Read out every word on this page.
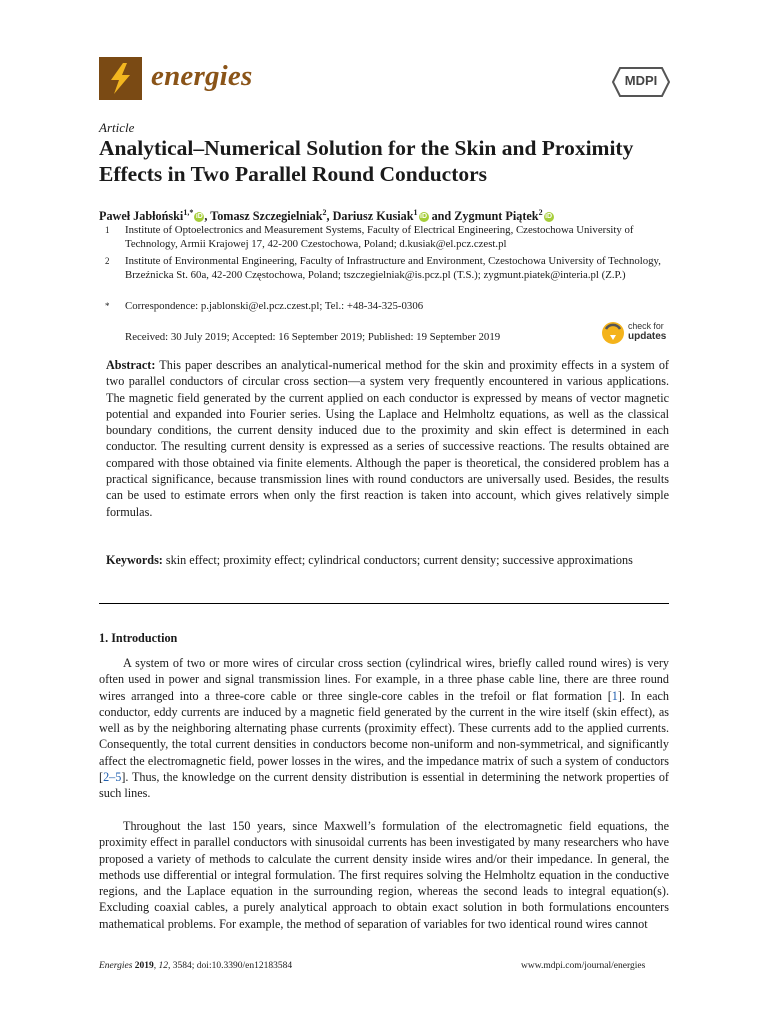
energies	MDPI
Article
Analytical–Numerical Solution for the Skin and Proximity Effects in Two Parallel Round Conductors
Paweł Jabłoński$^{1,*}$ iD , Tomasz Szczegielniak$^2$, Dariusz Kusiak$^1$ iD and Zygmunt Piątek$^2$ iD
1 Institute of Optoelectronics and Measurement Systems, Faculty of Electrical Engineering, Czestochowa University of Technology, Armii Krajowej 17, 42-200 Czestochowa, Poland; d.kusiak@el.pcz.czest.pl
2 Institute of Environmental Engineering, Faculty of Infrastructure and Environment, Czestochowa University of Technology, Brzeźnicka St. 60a, 42-200 Częstochowa, Poland; tszczegielniak@is.pcz.pl (T.S.); zygmunt.piatek@interia.pl (Z.P.)
* Correspondence: p.jablonski@el.pcz.czest.pl; Tel.: +48-34-325-0306
Received: 30 July 2019; Accepted: 16 September 2019; Published: 19 September 2019
check for
updates
Abstract: This paper describes an analytical-numerical method for the skin and proximity effects in a system of two parallel conductors of circular cross section—a system very frequently encountered in various applications. The magnetic field generated by the current applied on each conductor is expressed by means of vector magnetic potential and expanded into Fourier series. Using the Laplace and Helmholtz equations, as well as the classical boundary conditions, the current density induced due to the proximity and skin effect is determined in each conductor. The resulting current density is expressed as a series of successive reactions. The results obtained are compared with those obtained via finite elements. Although the paper is theoretical, the considered problem has a practical significance, because transmission lines with round conductors are universally used. Besides, the results can be used to estimate errors when only the first reaction is taken into account, which gives relatively simple formulas.
Keywords: skin effect; proximity effect; cylindrical conductors; current density; successive approximations
1. Introduction
A system of two or more wires of circular cross section (cylindrical wires, briefly called round wires) is very often used in power and signal transmission lines. For example, in a three phase cable line, there are three round wires arranged into a three-core cable or three single-core cables in the trefoil or flat formation [1]. In each conductor, eddy currents are induced by a magnetic field generated by the current in the wire itself (skin effect), as well as by the neighboring alternating phase currents (proximity effect). These currents add to the applied currents. Consequently, the total current densities in conductors become non-uniform and non-symmetrical, and significantly affect the electromagnetic field, power losses in the wires, and the impedance matrix of such a system of conductors [2–5]. Thus, the knowledge on the current density distribution is essential in determining the network properties of such lines.
Throughout the last 150 years, since Maxwell’s formulation of the electromagnetic field equations, the proximity effect in parallel conductors with sinusoidal currents has been investigated by many researchers who have proposed a variety of methods to calculate the current density inside wires and/or their impedance. In general, the methods use differential or integral formulation. The first requires solving the Helmholtz equation in the conductive regions, and the Laplace equation in the surrounding region, whereas the second leads to integral equation(s). Excluding coaxial cables, a purely analytical approach to obtain exact solution in both formulations encounters mathematical problems. For example, the method of separation of variables for two identical round wires cannot
Energies 2019, 12, 3584; doi:10.3390/en12183584	www.mdpi.com/journal/energies
